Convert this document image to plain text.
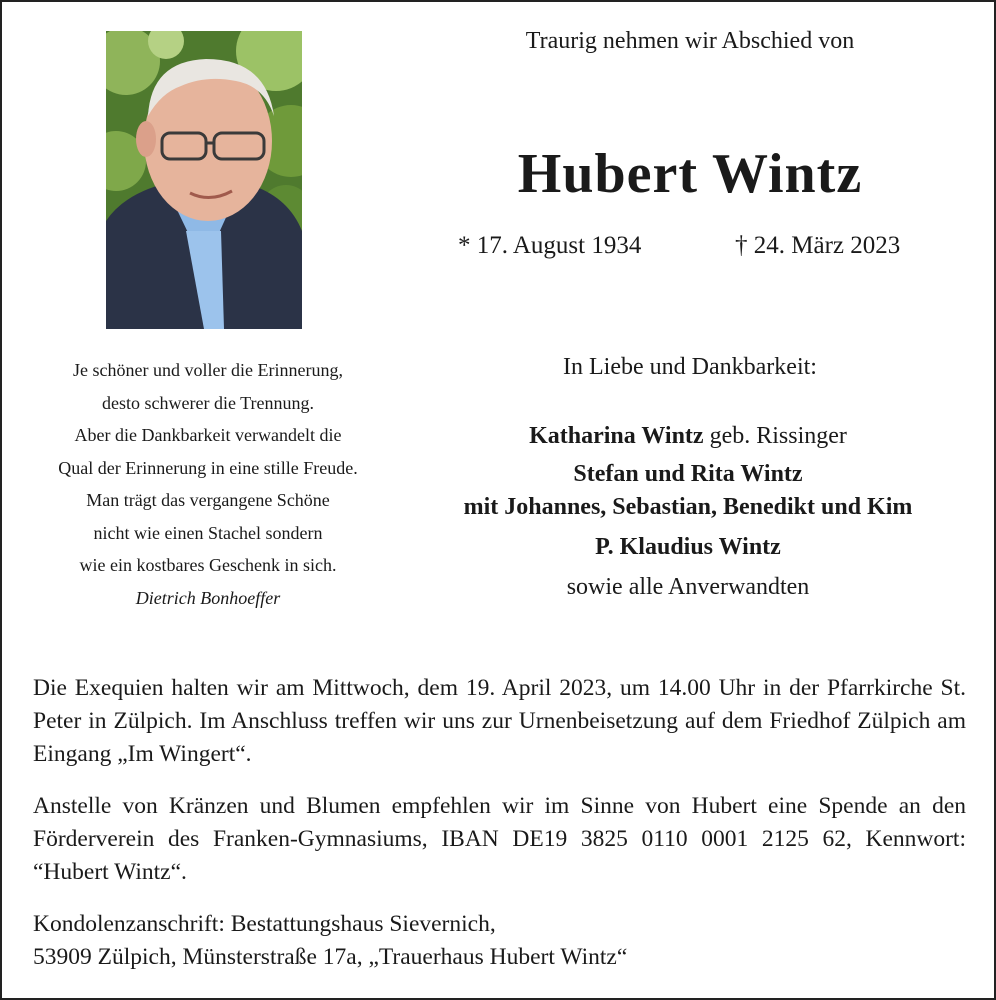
Traurig nehmen wir Abschied von
Hubert Wintz
* 17. August 1934	† 24. März 2023
Je schöner und voller die Erinnerung,
desto schwerer die Trennung.
Aber die Dankbarkeit verwandelt die
Qual der Erinnerung in eine stille Freude.
Man trägt das vergangene Schöne
nicht wie einen Stachel sondern
wie ein kostbares Geschenk in sich.
Dietrich Bonhoeffer
In Liebe und Dankbarkeit:
Katharina Wintz geb. Rissinger
Stefan und Rita Wintz
mit Johannes, Sebastian, Benedikt und Kim
P. Klaudius Wintz
sowie alle Anverwandten
Die Exequien halten wir am Mittwoch, dem 19. April 2023, um 14.00 Uhr in der Pfarrkirche St. Peter in Zülpich. Im Anschluss treffen wir uns zur Urnenbeisetzung auf dem Friedhof Zülpich am Eingang „Im Wingert“.
Anstelle von Kränzen und Blumen empfehlen wir im Sinne von Hubert eine Spende an den Förderverein des Franken-Gymnasiums, IBAN DE19 3825 0110 0001 2125 62, Kennwort: “Hubert Wintz“.
Kondolenzanschrift: Bestattungshaus Sievernich,
53909 Zülpich, Münsterstraße 17a, „Trauerhaus Hubert Wintz“
